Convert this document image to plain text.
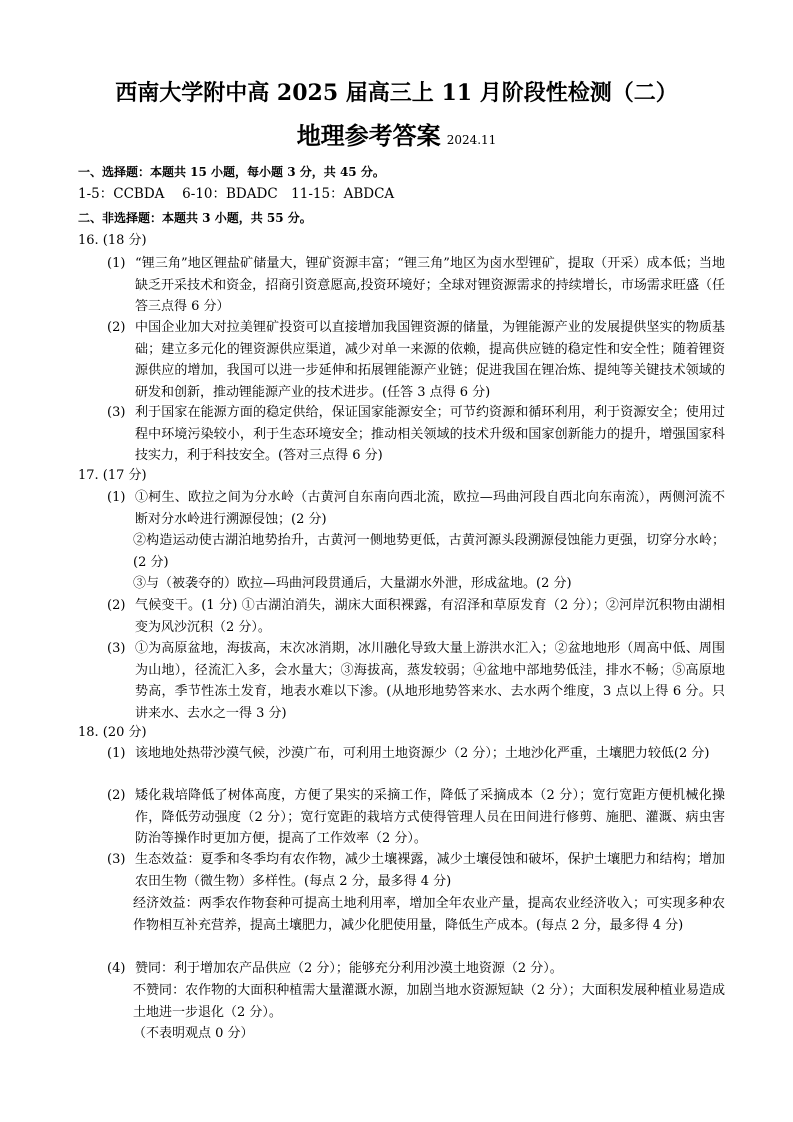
西南大学附中高 2025 届高三上 11 月阶段性检测（二）
地理参考答案 2024.11
一、选择题：本题共 15 小题，每小题 3 分，共 45 分。
1-5：CCBDA　 6-10：BDADC　11-15：ABDCA
二、非选择题：本题共 3 小题，共 55 分。
16. (18 分)
(1) “锂三角”地区锂盐矿储量大，锂矿资源丰富；“锂三角”地区为卤水型锂矿，提取（开采）成本低；当地缺乏开采技术和资金，招商引资意愿高,投资环境好；全球对锂资源需求的持续增长，市场需求旺盛（任答三点得 6 分）
(2) 中国企业加大对拉美锂矿投资可以直接增加我国锂资源的储量，为锂能源产业的发展提供坚实的物质基础；建立多元化的锂资源供应渠道，减少对单一来源的依赖，提高供应链的稳定性和安全性；随着锂资源供应的增加，我国可以进一步延伸和拓展锂能源产业链；促进我国在锂冶炼、提纯等关键技术领域的研发和创新，推动锂能源产业的技术进步。(任答 3 点得 6 分)
(3) 利于国家在能源方面的稳定供给，保证国家能源安全；可节约资源和循环利用，利于资源安全；使用过程中环境污染较小，利于生态环境安全；推动相关领域的技术升级和国家创新能力的提升，增强国家科技实力，利于科技安全。(答对三点得 6 分)
17. (17 分)
(1) ①柯生、欧拉之间为分水岭（古黄河自东南向西北流，欧拉—玛曲河段自西北向东南流），两侧河流不断对分水岭进行溯源侵蚀；(2 分)
②构造运动使古湖泊地势抬升，古黄河一侧地势更低，古黄河源头段溯源侵蚀能力更强，切穿分水岭；(2 分)
③与（被袭夺的）欧拉—玛曲河段贯通后，大量湖水外泄，形成盆地。(2 分)
(2) 气候变干。(1 分) ①古湖泊消失，湖床大面积裸露，有沼泽和草原发育（2 分）；②河岸沉积物由湖相变为风沙沉积（2 分）。
(3) ①为高原盆地，海拔高，末次冰消期，冰川融化导致大量上游洪水汇入；②盆地地形（周高中低、周围为山地），径流汇入多，会水量大；③海拔高，蒸发较弱；④盆地中部地势低洼，排水不畅；⑤高原地势高，季节性冻土发育，地表水难以下渗。(从地形地势答来水、去水两个维度，3 点以上得 6 分。只讲来水、去水之一得 3 分)
18. (20 分)
(1) 该地地处热带沙漠气候，沙漠广布，可利用土地资源少（2 分）；土地沙化严重，土壤肥力较低(2 分)
(2) 矮化栽培降低了树体高度，方便了果实的采摘工作，降低了采摘成本（2 分）；宽行宽距方便机械化操作，降低劳动强度（2 分）；宽行宽距的栽培方式使得管理人员在田间进行修剪、施肥、灌溉、病虫害防治等操作时更加方便，提高了工作效率（2 分）。
(3) 生态效益：夏季和冬季均有农作物，减少土壤裸露，减少土壤侵蚀和破坏，保护土壤肥力和结构；增加农田生物（微生物）多样性。(每点 2 分，最多得 4 分)
经济效益：两季农作物套种可提高土地利用率，增加全年农业产量，提高农业经济收入；可实现多种农作物相互补充营养，提高土壤肥力，减少化肥使用量，降低生产成本。(每点 2 分，最多得 4 分)
(4) 赞同：利于增加农产品供应（2 分）；能够充分利用沙漠土地资源（2 分）。
不赞同：农作物的大面积种植需大量灌溉水源，加剧当地水资源短缺（2 分）；大面积发展种植业易造成土地进一步退化（2 分）。
（不表明观点 0 分）
